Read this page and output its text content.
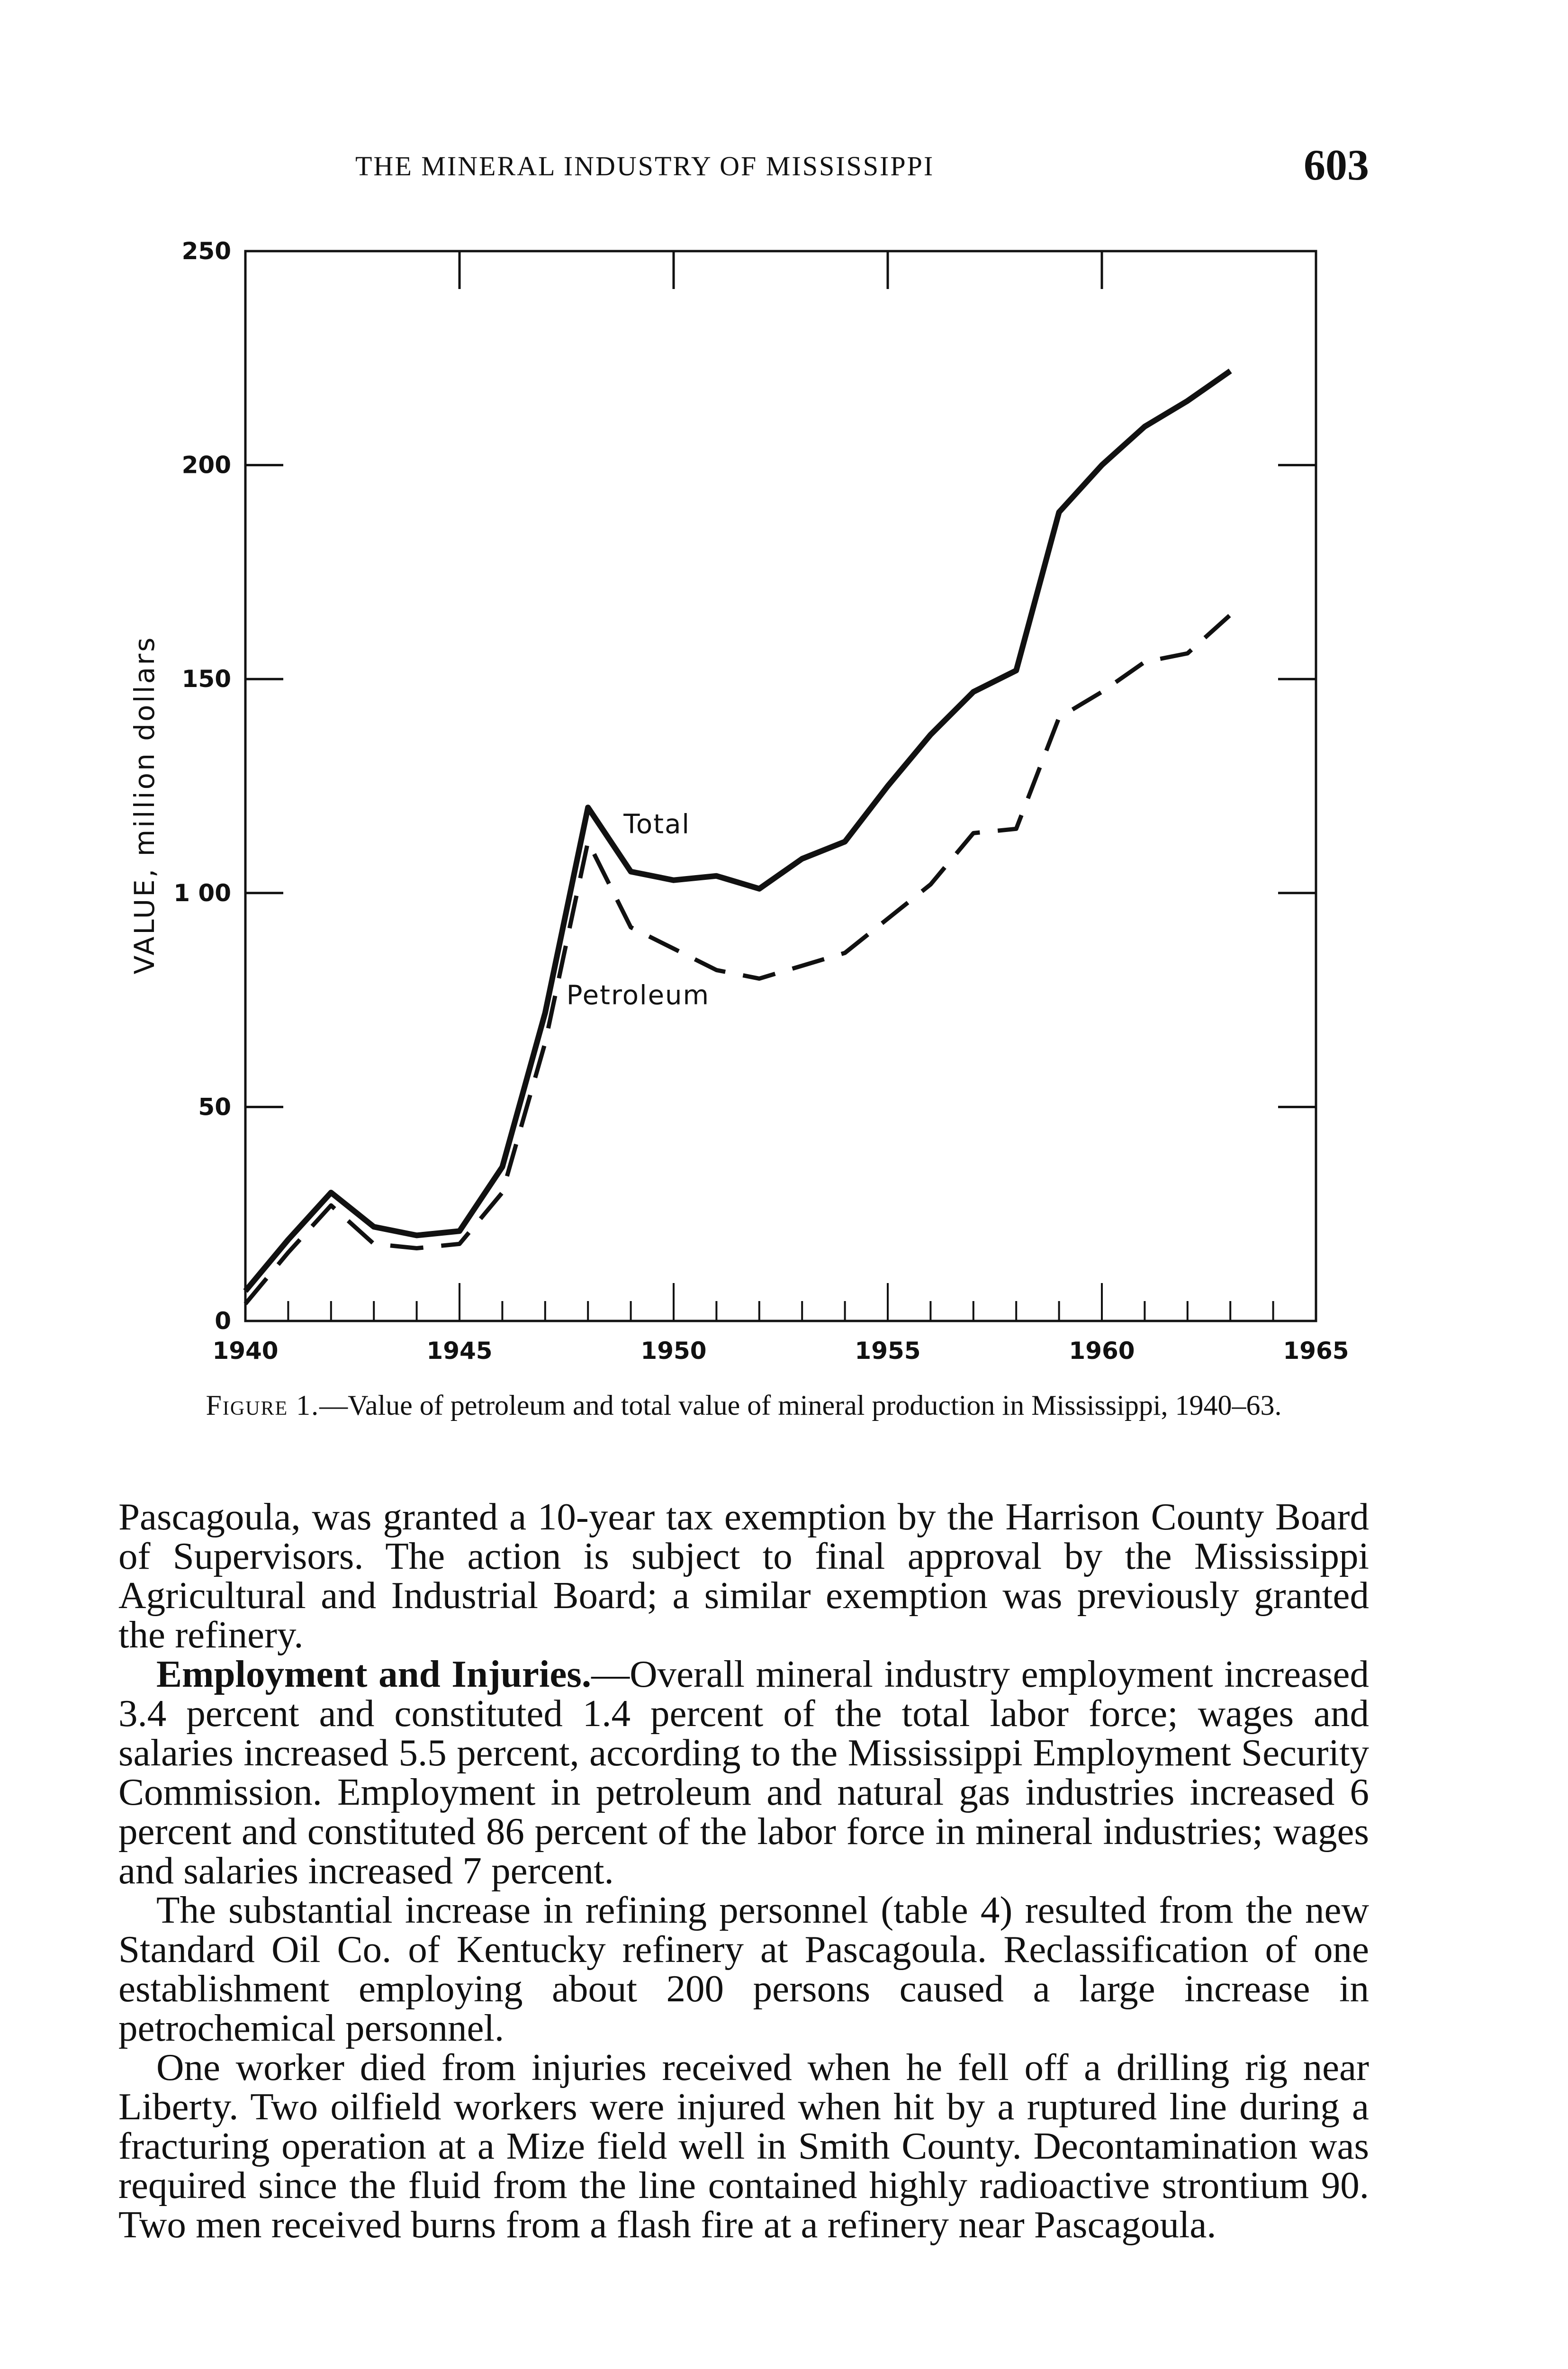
THE MINERAL INDUSTRY OF MISSISSIPPI	603
0
50
1 00
150
200
250
1940	1945	1950	1955	1960	1965
VALUE, million dollars	Total
Petroleum
Figure 1.—Value of petroleum and total value of mineral production in Mississippi, 1940–63.

Pascagoula, was granted a 10-year tax exemption by the Harrison County Board of Supervisors. The action is subject to final approval by the Mississippi Agricultural and Industrial Board; a similar exemption was previously granted the refinery.

Employment and Injuries.—Overall mineral industry employment increased 3.4 percent and constituted 1.4 percent of the total labor force; wages and salaries increased 5.5 percent, according to the Mississippi Employment Security Commission. Employment in petroleum and natural gas industries increased 6 percent and constituted 86 percent of the labor force in mineral industries; wages and salaries increased 7 percent.

The substantial increase in refining personnel (table 4) resulted from the new Standard Oil Co. of Kentucky refinery at Pascagoula. Reclassification of one establishment employing about 200 persons caused a large increase in petrochemical personnel.

One worker died from injuries received when he fell off a drilling rig near Liberty. Two oilfield workers were injured when hit by a ruptured line during a fracturing operation at a Mize field well in Smith County. Decontamination was required since the fluid from the line contained highly radioactive strontium 90. Two men received burns from a flash fire at a refinery near Pascagoula.
